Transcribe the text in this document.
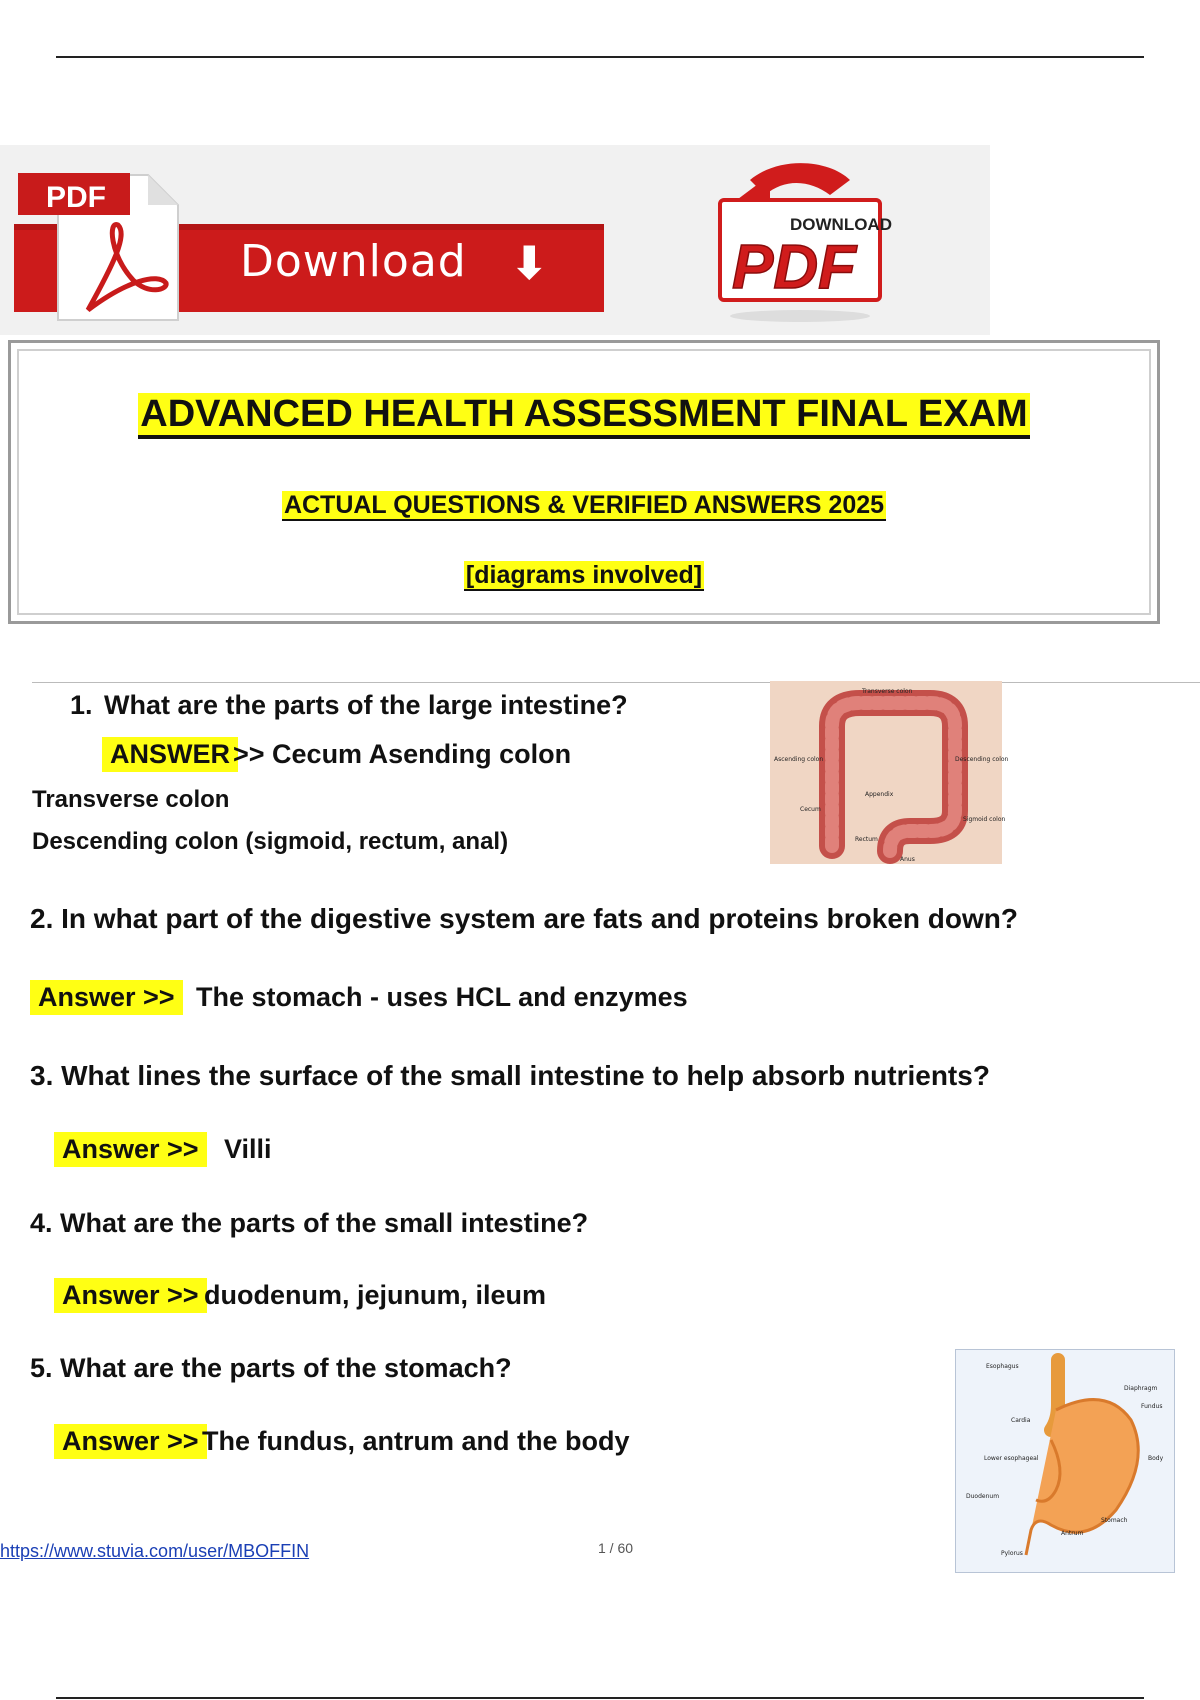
PDF
Download ⬇
DOWNLOAD
PDF
ADVANCED HEALTH ASSESSMENT FINAL EXAM
ACTUAL QUESTIONS & VERIFIED ANSWERS 2025
[diagrams involved]
1. What are the parts of the large intestine?
ANSWER >> Cecum Asending colon
Transverse colon
Descending colon (sigmoid, rectum, anal)
Transverse colon
Ascending colon	Descending colon
Appendix
Cecum
Sigmoid colon
Rectum
Anus
2. In what part of the digestive system are fats and proteins broken down?
Answer >> The stomach - uses HCL and enzymes
3. What lines the surface of the small intestine to help absorb nutrients?
Answer >> Villi
4. What are the parts of the small intestine?
Answer >> duodenum, jejunum, ileum
5. What are the parts of the stomach?
Answer >> The fundus, antrum and the body
Esophagus
Diaphragm
Fundus
Cardia
Body
Lower esophageal
Duodenum
Stomach
Antrum
Pylorus
https://www.stuvia.com/user/MBOFFIN	1 / 60
